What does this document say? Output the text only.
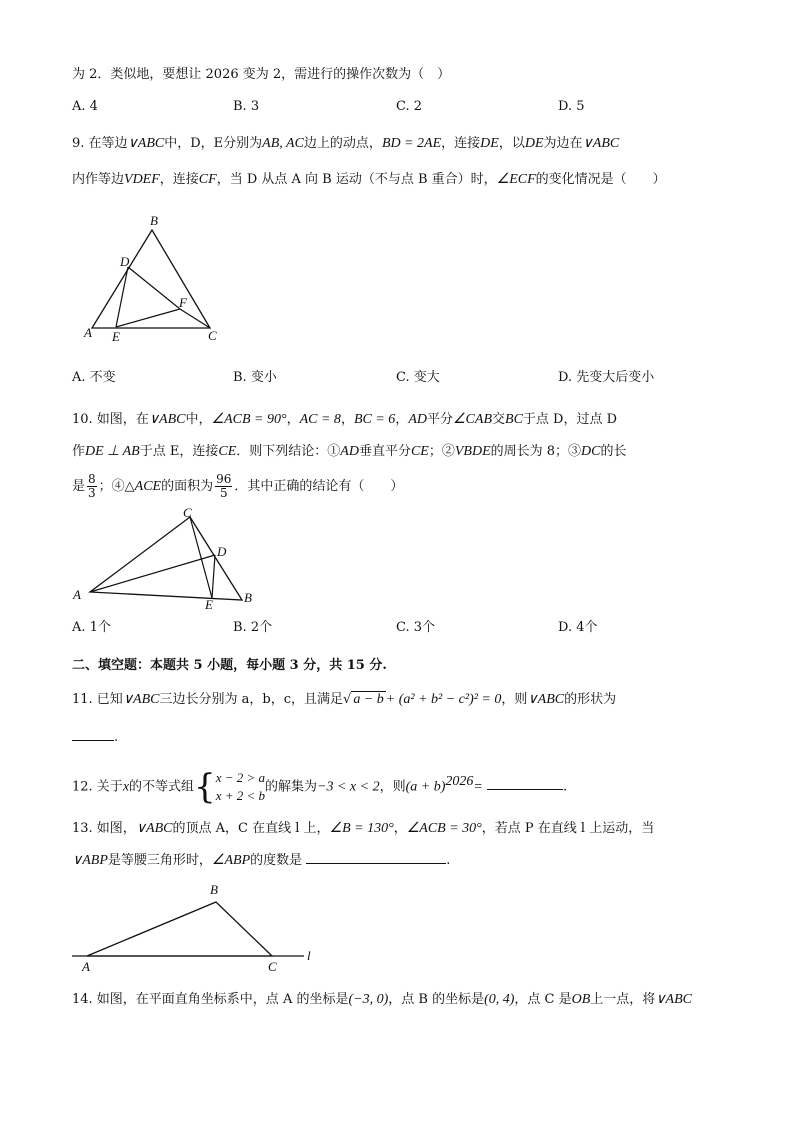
为 2．类似地，要想让 2026 变为 2，需进行的操作次数为（　）
A. 4	B. 3	C. 2	D. 5
9. 在等边∨ABC中，D，E分别为AB, AC边上的动点，BD = 2AE，连接DE，以DE为边在∨ABC
内作等边VDEF，连接CF，当 D 从点 A 向 B 运动（不与点 B 重合）时，∠ECF的变化情况是（　　）
B
D
F
A E	C
A. 不变	B. 变小	C. 变大	D. 先变大后变小
10. 如图，在∨ABC中，∠ACB = 90°，AC = 8，BC = 6，AD平分∠CAB交BC于点 D，过点 D
作DE ⊥ AB于点 E，连接CE．则下列结论：①AD垂直平分CE；②VBDE的周长为 8；③DC的长
是 $\frac{8}{3}$ ；④△ACE的面积为 $\frac{96}{5}$ ．其中正确的结论有（　　）
C
D
A
E B
A. 1个	B. 2个	C. 3个	D. 4个
二、填空题：本题共 5 小题，每小题 3 分，共 15 分.
11. 已知∨ABC三边长分别为 a，b，c，且满足√ a − b + (a² + b² − c²)² = 0，则∨ABC的形状为
.
12. 关于x的不等式组{ x − 2 > a
x + 2 < b
的解集为−3 < x < 2，则$(a + b)^{2026}=$	.
13. 如图，∨ABC的顶点 A，C 在直线 l 上，∠B = 130°，∠ACB = 30°，若点 P 在直线 l 上运动，当
∨ABP是等腰三角形时，∠ABP的度数是	.
B
A	C
l
14. 如图，在平面直角坐标系中，点 A 的坐标是(−3, 0)，点 B 的坐标是(0, 4)，点 C 是OB上一点，将∨ABC
